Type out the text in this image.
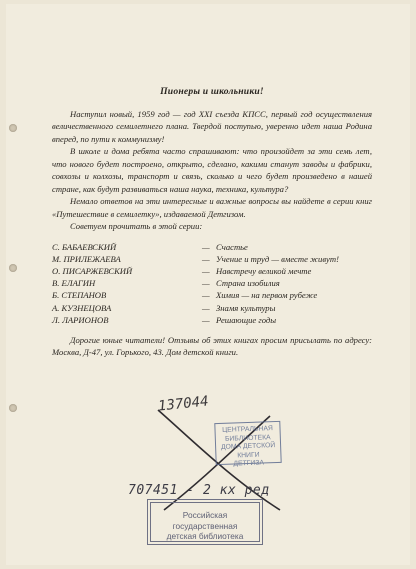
Пионеры и школьники!

Наступил новый, 1959 год — год XXI съезда КПСС, первый год осуществления величественного семилетнего плана. Твердой поступью, уверенно идет наша Родина вперед, по пути к коммунизму!

В школе и дома ребята часто спрашивают: что произойдет за эти семь лет, что нового будет построено, открыто, сделано, какими станут заводы и фабрики, совхозы и колхозы, транспорт и связь, сколько и чего будет произведено в нашей стране, как будут развиваться наша наука, техника, культура?

Немало ответов на эти интересные и важные вопросы вы найдете в серии книг «Путешествие в семилетку», издаваемой Детгизом.

Советуем прочитать в этой серии:

С. БАБАЕВСКИЙ	— Счастье
М. ПРИЛЕЖАЕВА	— Учение и труд — вместе живут!
О. ПИСАРЖЕВСКИЙ	— Навстречу великой мечте
В. ЕЛАГИН	— Страна изобилия
Б. СТЕПАНОВ	— Химия — на первом рубеже
А. КУЗНЕЦОВА	— Знамя культуры
Л. ЛАРИОНОВ	— Решающие годы

Дорогие юные читатели! Отзывы об этих книгах просим присылать по адресу: Москва, Д-47, ул. Горького, 43. Дом детской книги.

137044
ЦЕНТРАЛЬНАЯ БИБЛИОТЕКА
ДОМА ДЕТСКОЙ КНИГИ
ДЕТГИЗА
707451 - 2 кх ред
Российская государственная
детская библиотека
